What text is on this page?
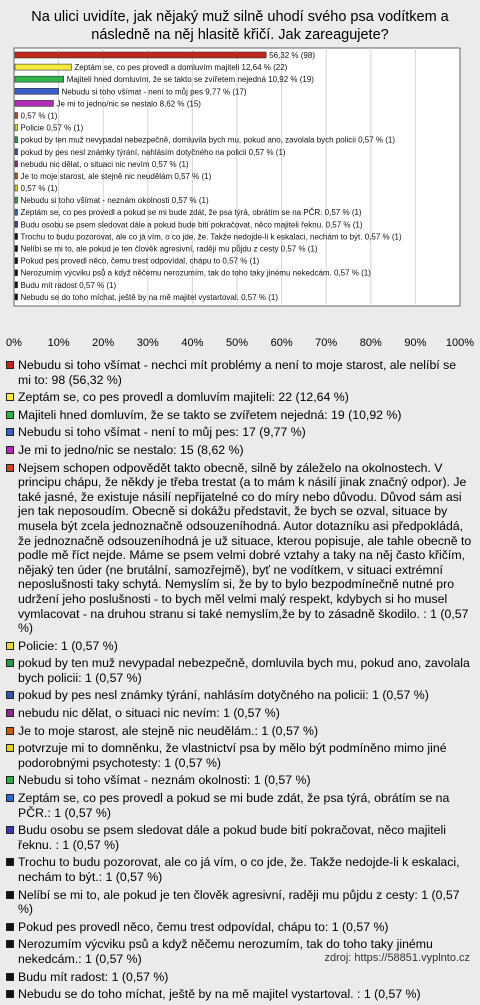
Na ulici uvidíte, jak nějaký muž silně uhodí svého psa vodítkem a následně na něj hlasitě křičí. Jak zareagujete?
0% 10% 20% 30% 40% 50% 60% 70% 80% 90% 100%
56,32 % (98)
Zeptám se, co pes provedl a domluvím majiteli 12,64 % (22)
Majiteli hned domluvím, že se takto se zvířetem nejedná 10,92 % (19)
Nebudu si toho všímat - není to můj pes 9,77 % (17)
Je mi to jedno/nic se nestalo 8,62 % (15)
0,57 % (1)
Policie 0,57 % (1)
pokud by ten muž nevypadal nebezpečně, domluvila bych mu, pokud ano, zavolala bych policii 0,57 % (1)
pokud by pes nesl známky týrání, nahlásím dotyčného na policii 0,57 % (1)
nebudu nic dělat, o situaci nic nevím 0,57 % (1)
Je to moje starost, ale stejně nic neudělám 0,57 % (1)
0,57 % (1)
Nebudu si toho všímat - neznám okolnosti 0,57 % (1)
Zeptám se, co pes provedl a pokud se mi bude zdát, že psa týrá, obrátím se na PČR. 0,57 % (1)
Budu osobu se psem sledovat dále a pokud bude bití pokračovat, něco majiteli řeknu. 0,57 % (1)
Trochu to budu pozorovat, ale co já vím, o co jde, že. Takže nedojde-li k eskalaci, nechám to být. 0,57 % (1)
Nelíbí se mi to, ale pokud je ten člověk agresivní, raději mu půjdu z cesty 0,57 % (1)
Pokud pes provedl něco, čemu trest odpovídal, chápu to 0,57 % (1)
Nerozumím výcviku psů a když něčemu nerozumím, tak do toho taky jinému nekedcám. 0,57 % (1)
Budu mít radost 0,57 % (1)
Nebudu se do toho míchat, ještě by na mě majitel vystartoval. 0,57 % (1)
Nebudu si toho všímat - nechci mít problémy a není to moje starost, ale nelíbí se mi to: 98 (56,32 %)
Zeptám se, co pes provedl a domluvím majiteli: 22 (12,64 %)
Majiteli hned domluvím, že se takto se zvířetem nejedná: 19 (10,92 %)
Nebudu si toho všímat - není to můj pes: 17 (9,77 %)
Je mi to jedno/nic se nestalo: 15 (8,62 %)
Nejsem schopen odpovědět takto obecně, silně by záleželo na okolnostech. V principu chápu, že někdy je třeba trestat (a to mám k násilí jinak značný odpor). Je také jasné, že existuje násilí nepřijatelné co do míry nebo důvodu. Důvod sám asi jen tak neposoudím. Obecně si dokážu představit, že bych se ozval, situace by musela být zcela jednoznačně odsouzeníhodná. Autor dotazníku asi předpokládá, že jednoznačně odsouzeníhodná je už situace, kterou popisuje, ale tahle obecně to podle mě říct nejde. Máme se psem velmi dobré vztahy a taky na něj často křičím, nějaký ten úder (ne brutální, samozřejmě), byť ne vodítkem, v situaci extrémní neposlušnosti taky schytá. Nemyslím si, že by to bylo bezpodmínečně nutné pro udržení jeho poslušnosti - to bych měl velmi malý respekt, kdybych si ho musel vymlacovat - na druhou stranu si také nemyslím,že by to zásadně škodilo. : 1 (0,57 %)
Policie: 1 (0,57 %)
pokud by ten muž nevypadal nebezpečně, domluvila bych mu, pokud ano, zavolala bych policii: 1 (0,57 %)
pokud by pes nesl známky týrání, nahlásím dotyčného na policii: 1 (0,57 %)
nebudu nic dělat, o situaci nic nevím: 1 (0,57 %)
Je to moje starost, ale stejně nic neudělám.: 1 (0,57 %)
potvrzuje mi to domněnku, že vlastnictví psa by mělo být podmíněno mimo jiné podorobnými psychotesty: 1 (0,57 %)
Nebudu si toho všímat - neznám okolnosti: 1 (0,57 %)
Zeptám se, co pes provedl a pokud se mi bude zdát, že psa týrá, obrátím se na PČR.: 1 (0,57 %)
Budu osobu se psem sledovat dále a pokud bude bití pokračovat, něco majiteli řeknu. : 1 (0,57 %)
Trochu to budu pozorovat, ale co já vím, o co jde, že. Takže nedojde-li k eskalaci, nechám to být.: 1 (0,57 %)
Nelíbí se mi to, ale pokud je ten člověk agresivní, raději mu půjdu z cesty: 1 (0,57 %)
Pokud pes provedl něco, čemu trest odpovídal, chápu to: 1 (0,57 %)
Nerozumím výcviku psů a když něčemu nerozumím, tak do toho taky jinému nekedcám.: 1 (0,57 %)
Budu mít radost: 1 (0,57 %)
Nebudu se do toho míchat, ještě by na mě majitel vystartoval. : 1 (0,57 %)
zdroj: https://58851.vyplnto.cz
